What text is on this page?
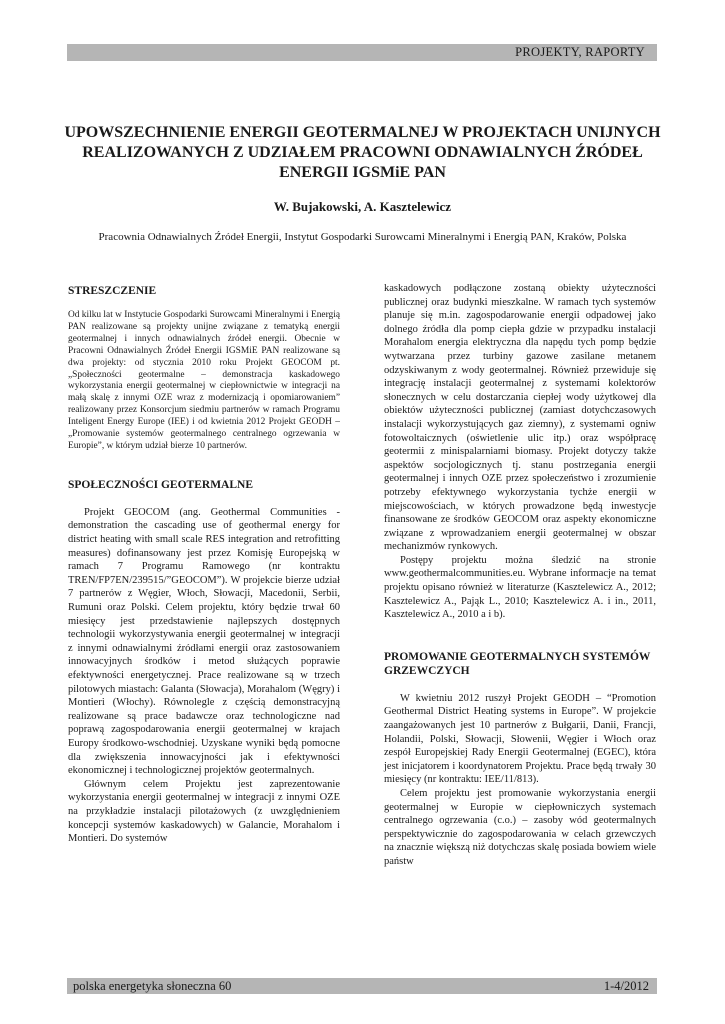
PROJEKTY, RAPORTY
UPOWSZECHNIENIE ENERGII GEOTERMALNEJ W PROJEKTACH UNIJNYCH REALIZOWANYCH Z UDZIAŁEM PRACOWNI ODNAWIALNYCH ŹRÓDEŁ ENERGII IGSMiE PAN
W. Bujakowski, A. Kasztelewicz
Pracownia Odnawialnych Źródeł Energii, Instytut Gospodarki Surowcami Mineralnymi i Energią PAN, Kraków, Polska
STRESZCZENIE

Od kilku lat w Instytucie Gospodarki Surowcami Mineralnymi i Energią PAN realizowane są projekty unijne związane z tematyką energii geotermalnej i innych odnawialnych źródeł energii. Obecnie w Pracowni Odnawialnych Źródeł Energii IGSMiE PAN realizowane są dwa projekty: od stycznia 2010 roku Projekt GEOCOM pt. „Społeczności geotermalne – demonstracja kaskadowego wykorzystania energii geotermalnej w ciepłownictwie w integracji na małą skalę z innymi OZE wraz z modernizacją i opomiarowaniem” realizowany przez Konsorcjum siedmiu partnerów w ramach Programu Inteligent Energy Europe (IEE) i od kwietnia 2012 Projekt GEODH – „Promowanie systemów geotermalnego centralnego ogrzewania w Europie”, w którym udział bierze 10 partnerów.

SPOŁECZNOŚCI GEOTERMALNE

Projekt GEOCOM (ang. Geothermal Communities - demonstration the cascading use of geothermal energy for district heating with small scale RES integration and retrofitting measures) dofinansowany jest przez Komisję Europejską w ramach 7 Programu Ramowego (nr kontraktu TREN/FP7EN/239515/”GEOCOM”). W projekcie bierze udział 7 partnerów z Węgier, Włoch, Słowacji, Macedonii, Serbii, Rumuni oraz Polski. Celem projektu, który będzie trwał 60 miesięcy jest przedstawienie najlepszych dostępnych technologii wykorzystywania energii geotermalnej w integracji z innymi odnawialnymi źródłami energii oraz zastosowaniem innowacyjnych środków i metod służących poprawie efektywności energetycznej. Prace realizowane są w trzech pilotowych miastach: Galanta (Słowacja), Morahalom (Węgry) i Montieri (Włochy). Równolegle z częścią demonstracyjną realizowane są prace badawcze oraz technologiczne nad poprawą zagospodarowania energii geotermalnej w krajach Europy środkowo-wschodniej. Uzyskane wyniki będą pomocne dla zwiększenia innowacyjności jak i efektywności ekonomicznej i technologicznej projektów geotermalnych.

Głównym celem Projektu jest zaprezentowanie wykorzystania energii geotermalnej w integracji z innymi OZE na przykładzie instalacji pilotażowych (z uwzględnieniem koncepcji systemów kaskadowych) w Galancie, Morahalom i Montieri. Do systemów

kaskadowych podłączone zostaną obiekty użyteczności publicznej oraz budynki mieszkalne. W ramach tych systemów planuje się m.in. zagospodarowanie energii odpadowej jako dolnego źródła dla pomp ciepła gdzie w przypadku instalacji Morahalom energia elektryczna dla napędu tych pomp będzie wytwarzana przez turbiny gazowe zasilane metanem odzyskiwanym z wody geotermalnej. Również przewiduje się integrację instalacji geotermalnej z systemami kolektorów słonecznych w celu dostarczania ciepłej wody użytkowej dla obiektów użyteczności publicznej (zamiast dotychczasowych instalacji wykorzystujących gaz ziemny), z systemami ogniw fotowoltaicznych (oświetlenie ulic itp.) oraz współpracę geotermii z minispalarniami biomasy. Projekt dotyczy także aspektów socjologicznych tj. stanu postrzegania energii geotermalnej i innych OZE przez społeczeństwo i zrozumienie potrzeby efektywnego wykorzystania tychże energii w miejscowościach, w których prowadzone będą inwestycje finansowane ze środków GEOCOM oraz aspekty ekonomiczne związane z wprowadzaniem energii geotermalnej w obszar mechanizmów rynkowych.

Postępy projektu można śledzić na stronie www.geothermalcommunities.eu. Wybrane informacje na temat projektu opisano również w literaturze (Kasztelewicz A., 2012; Kasztelewicz A., Pająk L., 2010; Kasztelewicz A. i in., 2011, Kasztelewicz A., 2010 a i b).

PROMOWANIE GEOTERMALNYCH SYSTEMÓW GRZEWCZYCH

W kwietniu 2012 ruszył Projekt GEODH – “Promotion Geothermal District Heating systems in Europe”. W projekcie zaangażowanych jest 10 partnerów z Bułgarii, Danii, Francji, Holandii, Polski, Słowacji, Słowenii, Węgier i Włoch oraz zespół Europejskiej Rady Energii Geotermalnej (EGEC), która jest inicjatorem i koordynatorem Projektu. Prace będą trwały 30 miesięcy (nr kontraktu: IEE/11/813).

Celem projektu jest promowanie wykorzystania energii geotermalnej w Europie w ciepłowniczych systemach centralnego ogrzewania (c.o.) – zasoby wód geotermalnych perspektywicznie do zagospodarowania w celach grzewczych na znacznie większą niż dotychczas skalę posiada bowiem wiele państw

polska energetyka słoneczna 60	1-4/2012
